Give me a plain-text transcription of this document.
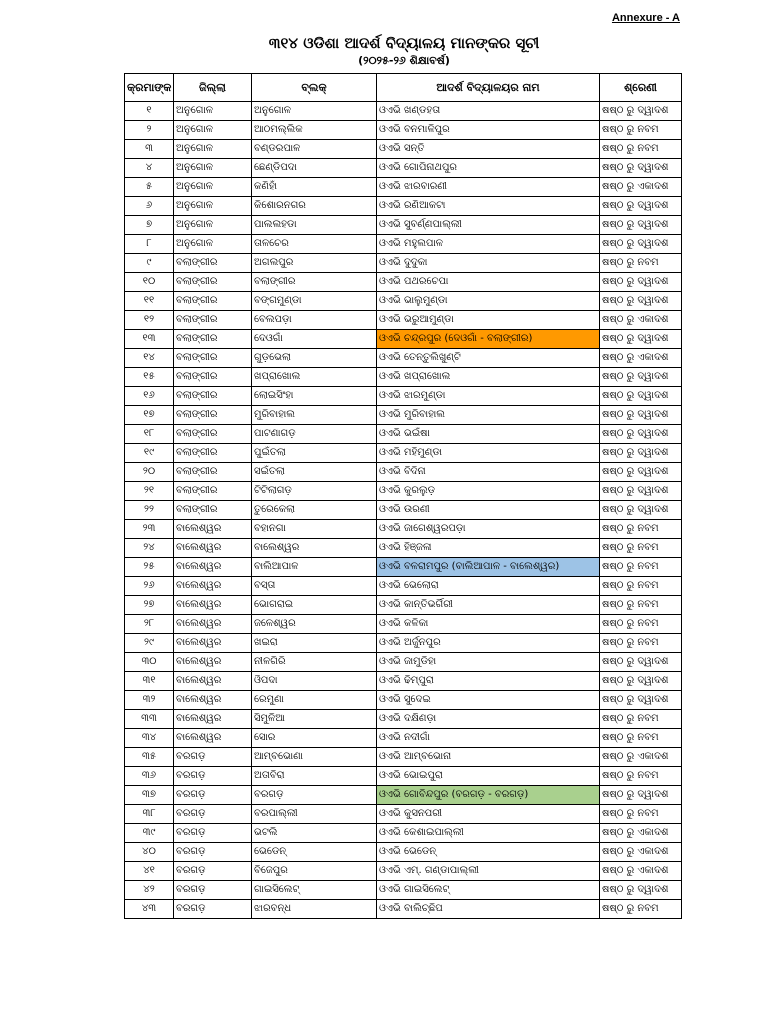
Annexure - A
୩୧୪ ଓଡିଶା ଆଦର୍ଶ ବିଦ୍ୟାଳୟ ମାନଙ୍କର ସୂଚୀ
(୨୦୨୫-୨୬ ଶିକ୍ଷାବର୍ଷ)
କ୍ରମାଙ୍କ	ଜିଲ୍ଲା	ବ୍ଲକ୍	ଆଦର୍ଶ ବିଦ୍ୟାଳୟର ନାମ	ଶ୍ରେଣୀ
୧	ଅନୁଗୋଳ	ଅନୁଗୋଳ	ଓଏଭି ଖଣ୍ଡହତା	ଷଷ୍ଠ ରୁ ଦ୍ୱାଦଶ
୨	ଅନୁଗୋଳ	ଆଠମଲ୍ଲିକ	ଓଏଭି ବନମାଳିପୁର	ଷଷ୍ଠ ରୁ ନବମ
୩	ଅନୁଗୋଳ	ବଣ୍ଡରପାଳ	ଓଏଭି ସନ୍ତି	ଷଷ୍ଠ ରୁ ନବମ
୪	ଅନୁଗୋଳ	ଛେଣ୍ଡିପଦା	ଓଏଭି ଗୋପିନାଥପୁର	ଷଷ୍ଠ ରୁ ଦ୍ୱାଦଶ
୫	ଅନୁଗୋଳ	କଣିହାଁ	ଓଏଭି ଝାରବାରଣୀ	ଷଷ୍ଠ ରୁ ଏକାଦଶ
୬	ଅନୁଗୋଳ	କିଶୋରନଗର	ଓଏଭି ରଣିଆକଟା	ଷଷ୍ଠ ରୁ ଦ୍ୱାଦଶ
୭	ଅନୁଗୋଳ	ପାଲଲହଡା	ଓଏଭି ସୁବର୍ଣ୍ଣପାଲ୍ଲୀ	ଷଷ୍ଠ ରୁ ଦ୍ୱାଦଶ
୮	ଅନୁଗୋଳ	ତାଳଚେର	ଓଏଭି ମହୁଲପାଳ	ଷଷ୍ଠ ରୁ ଦ୍ୱାଦଶ
୯	ବଲାଙ୍ଗୀର	ଅଗଲପୁର	ଓଏଭି ଦୁଦୁକା	ଷଷ୍ଠ ରୁ ନବମ
୧୦	ବଲାଙ୍ଗୀର	ବଲାଙ୍ଗୀର	ଓଏଭି ପଥରଚେପା	ଷଷ୍ଠ ରୁ ଦ୍ୱାଦଶ
୧୧	ବଲାଙ୍ଗୀର	ବଙ୍ଗମୁଣ୍ଡା	ଓଏଭି ଭାଲୁମୁଣ୍ଡା	ଷଷ୍ଠ ରୁ ଦ୍ୱାଦଶ
୧୨	ବଲାଙ୍ଗୀର	ବେଲପଡ଼ା	ଓଏଭି ଭରୁଆମୁଣ୍ଡା	ଷଷ୍ଠ ରୁ ଏକାଦଶ
୧୩	ବଲାଙ୍ଗୀର	ଦେଓଗାଁ	ଓଏଭି ଚନ୍ଦ୍ରପୁର (ଦେଓଗାଁ - ବଲାଙ୍ଗୀର)	ଷଷ୍ଠ ରୁ ଦ୍ୱାଦଶ
୧୪	ବଲାଙ୍ଗୀର	ଗୁଡ଼ଭେଲା	ଓଏଭି ତେନ୍ତୁଲିଖୁଣ୍ଟି	ଷଷ୍ଠ ରୁ ଏକାଦଶ
୧୫	ବଲାଙ୍ଗୀର	ଖପ୍ରାଖୋଲ	ଓଏଭି ଖପ୍ରାଖୋଲ	ଷଷ୍ଠ ରୁ ଦ୍ୱାଦଶ
୧୬	ବଲାଙ୍ଗୀର	ଲୋଇସିଂହା	ଓଏଭି ଝାରମୁଣ୍ଡା	ଷଷ୍ଠ ରୁ ଦ୍ୱାଦଶ
୧୭	ବଲାଙ୍ଗୀର	ମୁରିବାହାଲ	ଓଏଭି ମୁରିବାହାଲ	ଷଷ୍ଠ ରୁ ଦ୍ୱାଦଶ
୧୮	ବଲାଙ୍ଗୀର	ପାଟଣାଗଡ଼	ଓଏଭି ଭଇଁଷା	ଷଷ୍ଠ ରୁ ଦ୍ୱାଦଶ
୧୯	ବଲାଙ୍ଗୀର	ପୁଇଁତଲା	ଓଏଭି ମହିମୁଣ୍ଡା	ଷଷ୍ଠ ରୁ ଦ୍ୱାଦଶ
୨୦	ବଲାଙ୍ଗୀର	ସଇଁତଲା	ଓଏଭି ବିଦିନା	ଷଷ୍ଠ ରୁ ଦ୍ୱାଦଶ
୨୧	ବଲାଙ୍ଗୀର	ଟିଟିଲାଗଡ଼	ଓଏଭି କୁରଲୁଡ଼	ଷଷ୍ଠ ରୁ ଦ୍ୱାଦଶ
୨୨	ବଲାଙ୍ଗୀର	ତୁରେକେଲା	ଓଏଭି ଉରଣୀ	ଷଷ୍ଠ ରୁ ଦ୍ୱାଦଶ
୨୩	ବାଲେଶ୍ୱର	ବହାନଗା	ଓଏଭି ଜାଗେଶ୍ୱରପଡ଼ା	ଷଷ୍ଠ ରୁ ନବମ
୨୪	ବାଲେଶ୍ୱର	ବାଲେଶ୍ୱର	ଓଏଭି ହିଞ୍ଜଳା	ଷଷ୍ଠ ରୁ ନବମ
୨୫	ବାଲେଶ୍ୱର	ବାଲିଆପାଳ	ଓଏଭି ବଳରାମପୁର (ବାଲିଆପାଳ - ବାଲେଶ୍ୱର)	ଷଷ୍ଠ ରୁ ନବମ
୨୬	ବାଲେଶ୍ୱର	ବସ୍ତା	ଓଏଭି ଭେଲୋରା	ଷଷ୍ଠ ରୁ ନବମ
୨୭	ବାଲେଶ୍ୱର	ଭୋଗରାଇ	ଓଏଭି କାନ୍ତିଭର୍ଗିରୀ	ଷଷ୍ଠ ରୁ ନବମ
୨୮	ବାଲେଶ୍ୱର	ଜଳେଶ୍ୱର	ଓଏଭି କଳିକା	ଷଷ୍ଠ ରୁ ନବମ
୨୯	ବାଲେଶ୍ୱର	ଖଇରା	ଓଏଭି ଅର୍ଜୁନପୁର	ଷଷ୍ଠ ରୁ ନବମ
୩୦	ବାଲେଶ୍ୱର	ନୀଳଗିରି	ଓଏଭି ଜାମୁଡିହା	ଷଷ୍ଠ ରୁ ଦ୍ୱାଦଶ
୩୧	ବାଲେଶ୍ୱର	ଓିପଦା	ଓଏଭି ଢିମ୍ପୁରା	ଷଷ୍ଠ ରୁ ଦ୍ୱାଦଶ
୩୨	ବାଲେଶ୍ୱର	ରେମୁଣା	ଓଏଭି ସୁଦେଇ	ଷଷ୍ଠ ରୁ ଦ୍ୱାଦଶ
୩୩	ବାଲେଶ୍ୱର	ସିମୁଳିଆ	ଓଏଭି ଦକ୍ଷିଣଡ଼ା	ଷଷ୍ଠ ରୁ ନବମ
୩୪	ବାଲେଶ୍ୱର	ସୋର	ଓଏଭି ନଦୀଗାଁ	ଷଷ୍ଠ ରୁ ନବମ
୩୫	ବରଗଡ଼	ଆମ୍ବଭୋଣା	ଓଏଭି ଆମ୍ବଭୋନା	ଷଷ୍ଠ ରୁ ଏକାଦଶ
୩୬	ବରଗଡ଼	ଅତାବିରା	ଓଏଭି ଭୋଇପୁରା	ଷଷ୍ଠ ରୁ ନବମ
୩୭	ବରଗଡ଼	ବରଗଡ଼	ଓଏଭି ଗୋବିନ୍ଦପୁର (ବରଗଡ଼ - ବରଗଡ଼)	ଷଷ୍ଠ ରୁ ଦ୍ୱାଦଶ
୩୮	ବରଗଡ଼	ବରପାଲ୍ଲୀ	ଓଏଭି କୁସନପରୀ	ଷଷ୍ଠ ରୁ ନବମ
୩୯	ବରଗଡ଼	ଭଟଲି	ଓଏଭି କେଶାଇପାଲ୍ଲୀ	ଷଷ୍ଠ ରୁ ଏକାଦଶ
୪୦	ବରଗଡ଼	ଭେଡେନ୍	ଓଏଭି ଭେଡେନ୍	ଷଷ୍ଠ ରୁ ଏକାଦଶ
୪୧	ବରଗଡ଼	ବିଜେପୁର	ଓଏଭି ଏମ୍. ଗଣ୍ଡାପାଲ୍ଲୀ	ଷଷ୍ଠ ରୁ ଏକାଦଶ
୪୨	ବରଗଡ଼	ଗାଇସିଲେଟ୍	ଓଏଭି ଗାଇସିଲେଟ୍	ଷଷ୍ଠ ରୁ ଦ୍ୱାଦଶ
୪୩	ବରଗଡ଼	ଝାରବନ୍ଧ	ଓଏଭି ବାଲିଚ୍ଛିପ	ଷଷ୍ଠ ରୁ ନବମ
